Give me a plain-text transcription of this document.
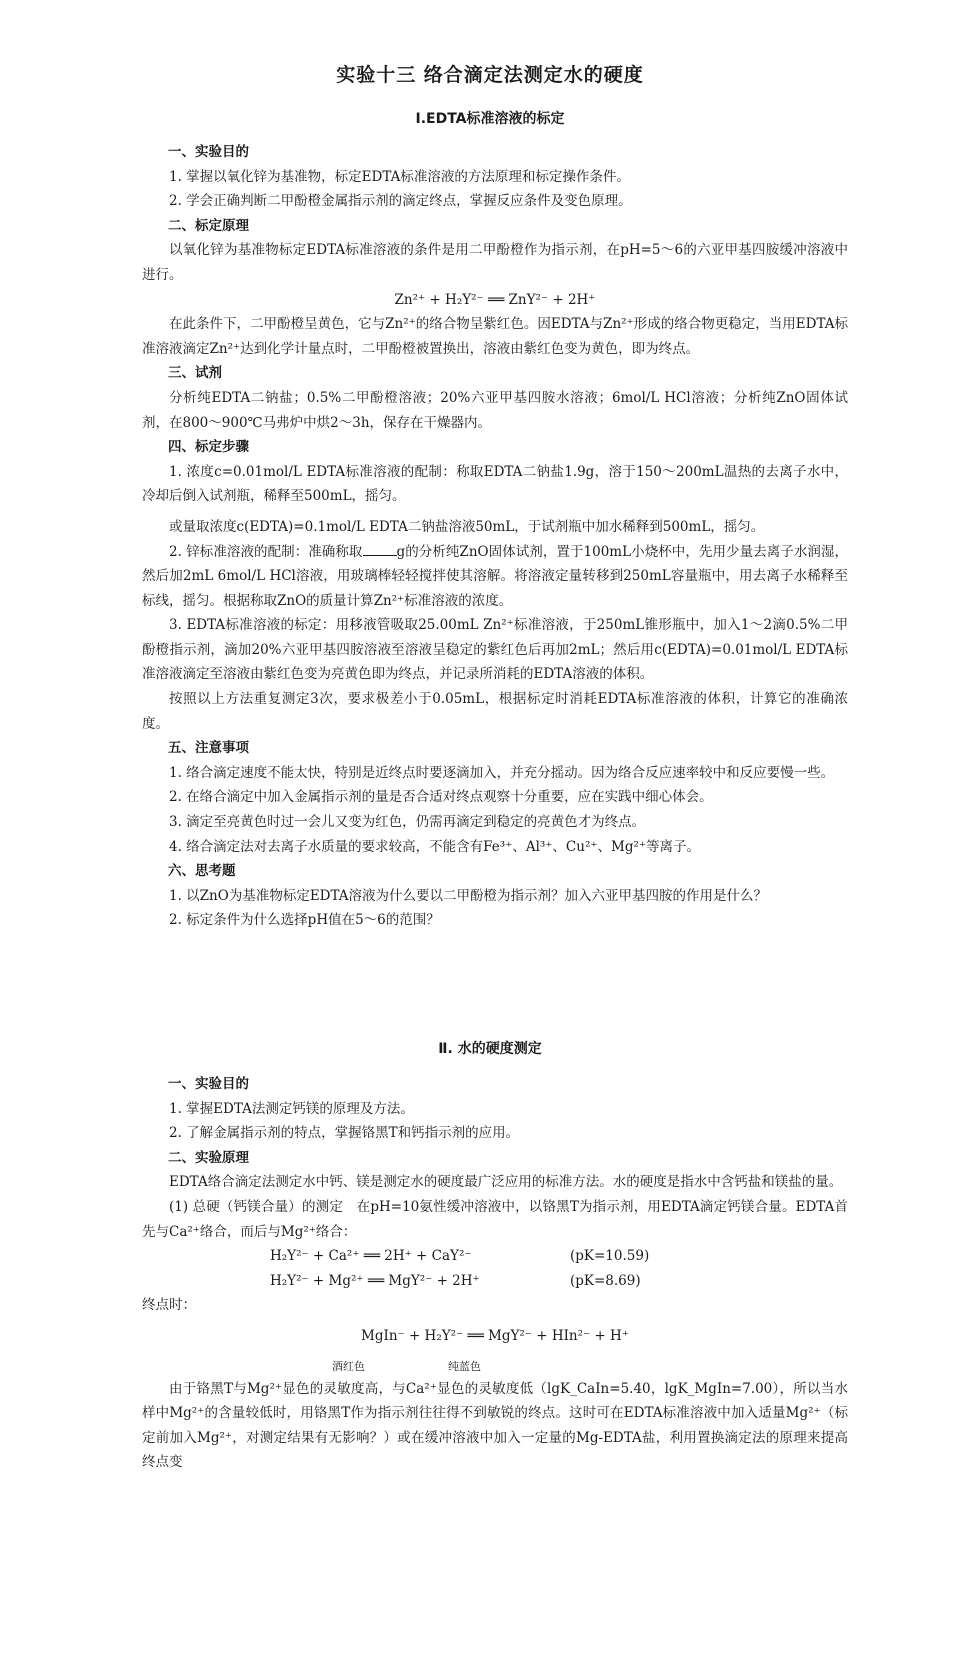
实验十三 络合滴定法测定水的硬度
Ⅰ.EDTA标准溶液的标定
一、实验目的
1. 掌握以氧化锌为基准物，标定EDTA标准溶液的方法原理和标定操作条件。
2. 学会正确判断二甲酚橙金属指示剂的滴定终点，掌握反应条件及变色原理。
二、标定原理
以氧化锌为基准物标定EDTA标准溶液的条件是用二甲酚橙作为指示剂，在pH=5～6的六亚甲基四胺缓冲溶液中进行。
Zn²⁺ + H₂Y²⁻ ══ ZnY²⁻ + 2H⁺
在此条件下，二甲酚橙呈黄色，它与Zn²⁺的络合物呈紫红色。因EDTA与Zn²⁺形成的络合物更稳定，当用EDTA标准溶液滴定Zn²⁺达到化学计量点时，二甲酚橙被置换出，溶液由紫红色变为黄色，即为终点。
三、试剂
分析纯EDTA二钠盐；0.5%二甲酚橙溶液；20%六亚甲基四胺水溶液；6mol/L HCl溶液；分析纯ZnO固体试剂，在800～900℃马弗炉中烘2～3h，保存在干燥器内。
四、标定步骤
1. 浓度c=0.01mol/L EDTA标准溶液的配制：称取EDTA二钠盐1.9g，溶于150～200mL温热的去离子水中，冷却后倒入试剂瓶，稀释至500mL，摇匀。
或量取浓度c(EDTA)=0.1mol/L EDTA二钠盐溶液50mL，于试剂瓶中加水稀释到500mL，摇匀。
2. 锌标准溶液的配制：准确称取	g的分析纯ZnO固体试剂，置于100mL小烧杯中，先用少量去离子水润湿，然后加2mL 6mol/L HCl溶液，用玻璃棒轻轻搅拌使其溶解。将溶液定量转移到250mL容量瓶中，用去离子水稀释至标线，摇匀。根据称取ZnO的质量计算Zn²⁺标准溶液的浓度。
3. EDTA标准溶液的标定：用移液管吸取25.00mL Zn²⁺标准溶液，于250mL锥形瓶中，加入1～2滴0.5%二甲酚橙指示剂，滴加20%六亚甲基四胺溶液至溶液呈稳定的紫红色后再加2mL；然后用c(EDTA)=0.01mol/L EDTA标准溶液滴定至溶液由紫红色变为亮黄色即为终点，并记录所消耗的EDTA溶液的体积。
按照以上方法重复测定3次，要求极差小于0.05mL，根据标定时消耗EDTA标准溶液的体积，计算它的准确浓度。
五、注意事项
1. 络合滴定速度不能太快，特别是近终点时要逐滴加入，并充分摇动。因为络合反应速率较中和反应要慢一些。
2. 在络合滴定中加入金属指示剂的量是否合适对终点观察十分重要，应在实践中细心体会。
3. 滴定至亮黄色时过一会儿又变为红色，仍需再滴定到稳定的亮黄色才为终点。
4. 络合滴定法对去离子水质量的要求较高，不能含有Fe³⁺、Al³⁺、Cu²⁺、Mg²⁺等离子。
六、思考题
1. 以ZnO为基准物标定EDTA溶液为什么要以二甲酚橙为指示剂？加入六亚甲基四胺的作用是什么？
2. 标定条件为什么选择pH值在5～6的范围？
Ⅱ. 水的硬度测定
一、实验目的
1. 掌握EDTA法测定钙镁的原理及方法。
2. 了解金属指示剂的特点，掌握铬黑T和钙指示剂的应用。
二、实验原理
EDTA络合滴定法测定水中钙、镁是测定水的硬度最广泛应用的标准方法。水的硬度是指水中含钙盐和镁盐的量。
(1) 总硬（钙镁合量）的测定　在pH=10氨性缓冲溶液中，以铬黑T为指示剂，用EDTA滴定钙镁合量。EDTA首先与Ca²⁺络合，而后与Mg²⁺络合：
H₂Y²⁻ + Ca²⁺ ══ 2H⁺ + CaY²⁻	(pK=10.59)
H₂Y²⁻ + Mg²⁺ ══ MgY²⁻ + 2H⁺	(pK=8.69)
终点时：
MgIn⁻ + H₂Y²⁻ ══ MgY²⁻ + HIn²⁻ + H⁺
酒红色	纯蓝色
由于铬黑T与Mg²⁺显色的灵敏度高，与Ca²⁺显色的灵敏度低（lgK_CaIn=5.40，lgK_MgIn=7.00），所以当水样中Mg²⁺的含量较低时，用铬黑T作为指示剂往往得不到敏锐的终点。这时可在EDTA标准溶液中加入适量Mg²⁺（标定前加入Mg²⁺，对测定结果有无影响？）或在缓冲溶液中加入一定量的Mg-EDTA盐，利用置换滴定法的原理来提高终点变
